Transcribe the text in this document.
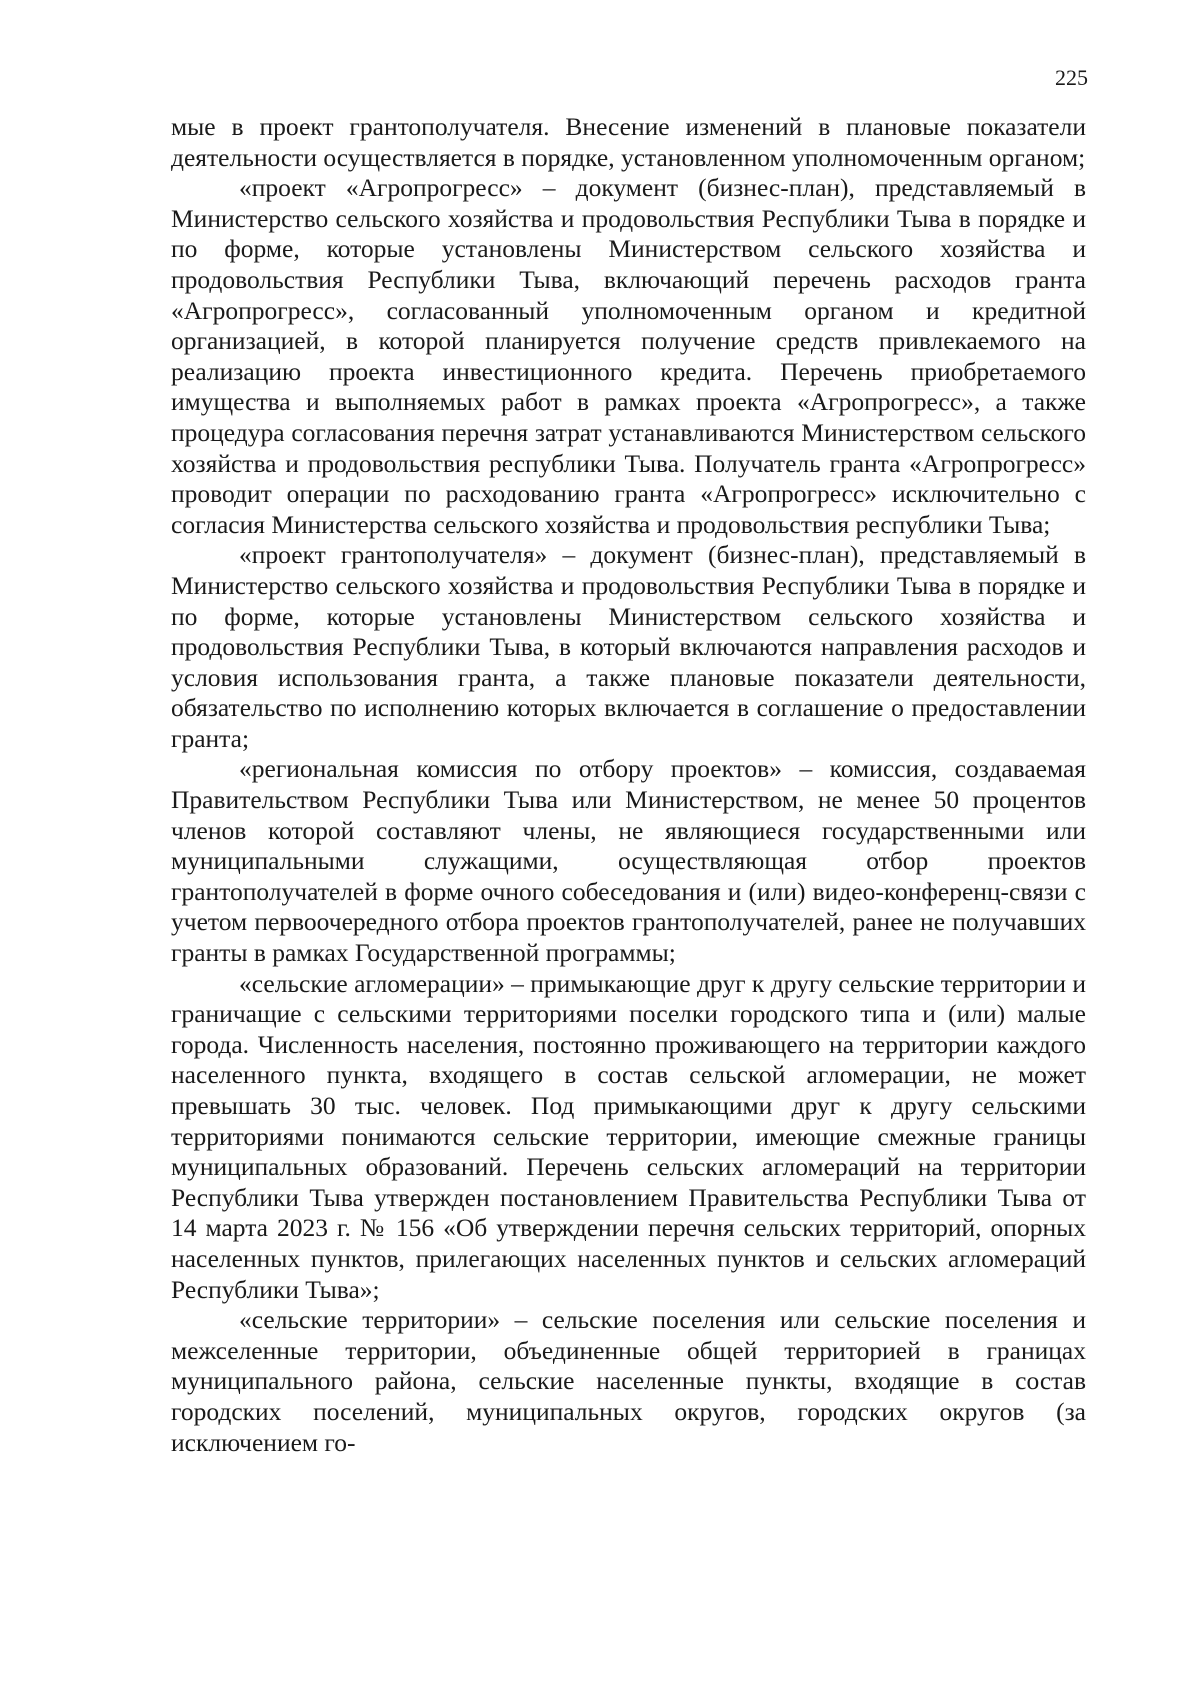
225

мые в проект грантополучателя. Внесение изменений в плановые показатели деятельности осуществляется в порядке, установленном уполномоченным органом;

«проект «Агропрогресс» – документ (бизнес-план), представляемый в Министерство сельского хозяйства и продовольствия Республики Тыва в порядке и по форме, которые установлены Министерством сельского хозяйства и продовольствия Республики Тыва, включающий перечень расходов гранта «Агропрогресс», согласованный уполномоченным органом и кредитной организацией, в которой планируется получение средств привлекаемого на реализацию проекта инвестиционного кредита. Перечень приобретаемого имущества и выполняемых работ в рамках проекта «Агропрогресс», а также процедура согласования перечня затрат устанавливаются Министерством сельского хозяйства и продовольствия республики Тыва. Получатель гранта «Агропрогресс» проводит операции по расходованию гранта «Агропрогресс» исключительно с согласия Министерства сельского хозяйства и продовольствия республики Тыва;

«проект грантополучателя» – документ (бизнес-план), представляемый в Министерство сельского хозяйства и продовольствия Республики Тыва в порядке и по форме, которые установлены Министерством сельского хозяйства и продовольствия Республики Тыва, в который включаются направления расходов и условия использования гранта, а также плановые показатели деятельности, обязательство по исполнению которых включается в соглашение о предоставлении гранта;

«региональная комиссия по отбору проектов» – комиссия, создаваемая Правительством Республики Тыва или Министерством, не менее 50 процентов членов которой составляют члены, не являющиеся государственными или муниципальными служащими, осуществляющая отбор проектов грантополучателей в форме очного собеседования и (или) видео-конференц-связи с учетом первоочередного отбора проектов грантополучателей, ранее не получавших гранты в рамках Государственной программы;

«сельские агломерации» – примыкающие друг к другу сельские территории и граничащие с сельскими территориями поселки городского типа и (или) малые города. Численность населения, постоянно проживающего на территории каждого населенного пункта, входящего в состав сельской агломерации, не может превышать 30 тыс. человек. Под примыкающими друг к другу сельскими территориями понимаются сельские территории, имеющие смежные границы муниципальных образований. Перечень сельских агломераций на территории Республики Тыва утвержден постановлением Правительства Республики Тыва от 14 марта 2023 г. № 156 «Об утверждении перечня сельских территорий, опорных населенных пунктов, прилегающих населенных пунктов и сельских агломераций Республики Тыва»;

«сельские территории» – сельские поселения или сельские поселения и межселенные территории, объединенные общей территорией в границах муниципального района, сельские населенные пункты, входящие в состав городских поселений, муниципальных округов, городских округов (за исключением го-
